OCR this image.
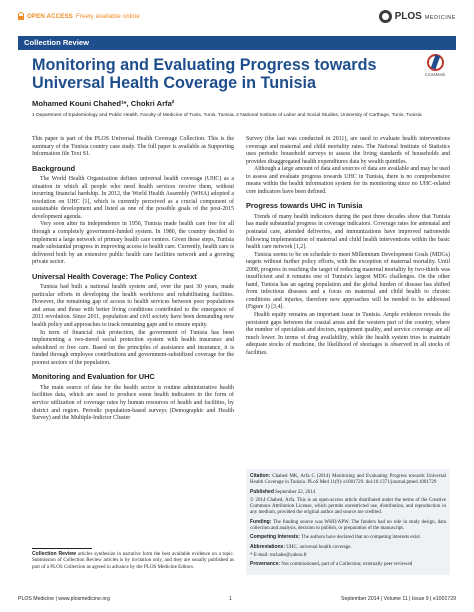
OPEN ACCESS Freely available online	PLOS MEDICINE
Collection Review
Monitoring and Evaluating Progress towards Universal Health Coverage in Tunisia	CrossMark
Mohamed Kouni Chahed¹*, Chokri Arfa²
1 Department of Epidemiology and Public Health, Faculty of Medicine of Tunis, Tunis, Tunisia, 2 National Institute of Labor and Social Studies, University of Carthage, Tunis, Tunisia

This paper is part of the PLOS Universal Health Coverage Collection. This is the summary of the Tunisia country case study. The full paper is available as Supporting Information file Text S1.

Background

The World Health Organization defines universal health coverage (UHC) as a situation in which all people who need health services receive them, without incurring financial hardship. In 2012, the World Health Assembly (WHA) adopted a resolution on UHC [1], which is currently perceived as a crucial component of sustainable development and listed as one of the possible goals of the post-2015 development agenda.

Very soon after its independence in 1956, Tunisia made health care free for all through a completely government-funded system. In 1980, the country decided to implement a large network of primary health care centers. Given these steps, Tunisia made substantial progress in improving access to health care. Currently, health care is delivered both by an extensive public health care facilities network and a growing private sector.

Universal Health Coverage: The Policy Context

Tunisia had built a national health system and, over the past 30 years, made particular efforts in developing the health workforce and rehabilitating facilities. However, the remaining gap of access to health services between poor populations and areas and those with better living conditions contributed to the emergence of 2011 revolution. Since 2011, population and civil society have been demanding new health policy and approaches to track remaining gaps and to ensure equity.

In term of financial risk protection, the government of Tunisia has been implementing a two-tiered social protection system with health insurance and subsidized or free care. Based on the principles of assistance and insurance, it is funded through employee contributions and government-subsidized coverage for the poorest sectors of the population.

Monitoring and Evaluation for UHC

The main source of data for the health sector is routine administrative health facilities data, which are used to produce some health indicators in the form of service utilization of coverage rates by human resources of health and facilities, by district and region. Periodic population-based surveys (Demographic and Health Survey) and the Multiple-Indictor Cluster

Survey (the last was conducted in 2011), are used to evaluate health interventions coverage and maternal and child mortality rates. The National Institute of Statistics uses periodic household surveys to assess the living standards of households and provides disaggregated health expenditures data by wealth quintiles.

Although a large amount of data and sources of data are available and may be used to assess and evaluate progress towards UHC in Tunisia, there is no comprehensive means within the health information system for its monitoring since no UHC-related core indicators have been defined.

Progress towards UHC in Tunisia

Trends of many health indicators during the past three decades show that Tunisia has made substantial progress in coverage indicators. Coverage rates for antenatal and postnatal care, attended deliveries, and immunizations have improved nationwide following implementation of maternal and child health interventions within the basic health care network [1,2].

Tunisia seems to be on schedule to meet Millennium Development Goals (MDGs) targets without further policy efforts, with the exception of maternal mortality. Until 2008, progress in reaching the target of reducing maternal mortality by two-thirds was insufficient and it remains one of Tunisia's largest MDG challenges. On the other hand, Tunisia has an ageing population and the global burden of disease has shifted from infectious diseases and a focus on maternal and child health to chronic conditions and injuries, therefore new approaches will be needed to be addressed (Figure 1) [3,4].

Health equity remains an important issue in Tunisia. Ample evidence reveals the persistent gaps between the coastal areas and the western part of the country, where the number of specialists and doctors, equipment quality, and service coverage are all much lower. In terms of drug availability, while the health system tries to maintain adequate stocks of medicine, the likelihood of shortages is observed in all stocks of facilities.

Citation: Chahed MK, Arfa C (2014) Monitoring and Evaluating Progress towards Universal Health Coverage in Tunisia. PLoS Med 11(9): e1001729. doi:10.1371/journal.pmed.1001729
Published September 22, 2014
© 2014 Chahed, Arfa. This is an open-access article distributed under the terms of the Creative Commons Attribution License, which permits unrestricted use, distribution, and reproduction in any medium, provided the original author and source are credited.
Funding: The funding source was WHO/APW. The funders had no role in study design, data collection and analysis, decision to publish, or preparation of the manuscript.
Competing Interests: The authors have declared that no competing interests exist.
Abbreviations: UHC, universal health coverage.
* E-mail: mchahe@yahoo.fr
Provenance: Not commissioned, part of a Collection; externally peer reviewed
Collection Review articles synthesize in narrative form the best available evidence on a topic. Submission of Collection Review articles is by invitation only, and they are usually published as part of a PLOS Collection as agreed in advance by the PLOS Medicine Editors.
PLOS Medicine | www.plosmedicine.org	1	September 2014 | Volume 11 | Issue 9 | e1001729
